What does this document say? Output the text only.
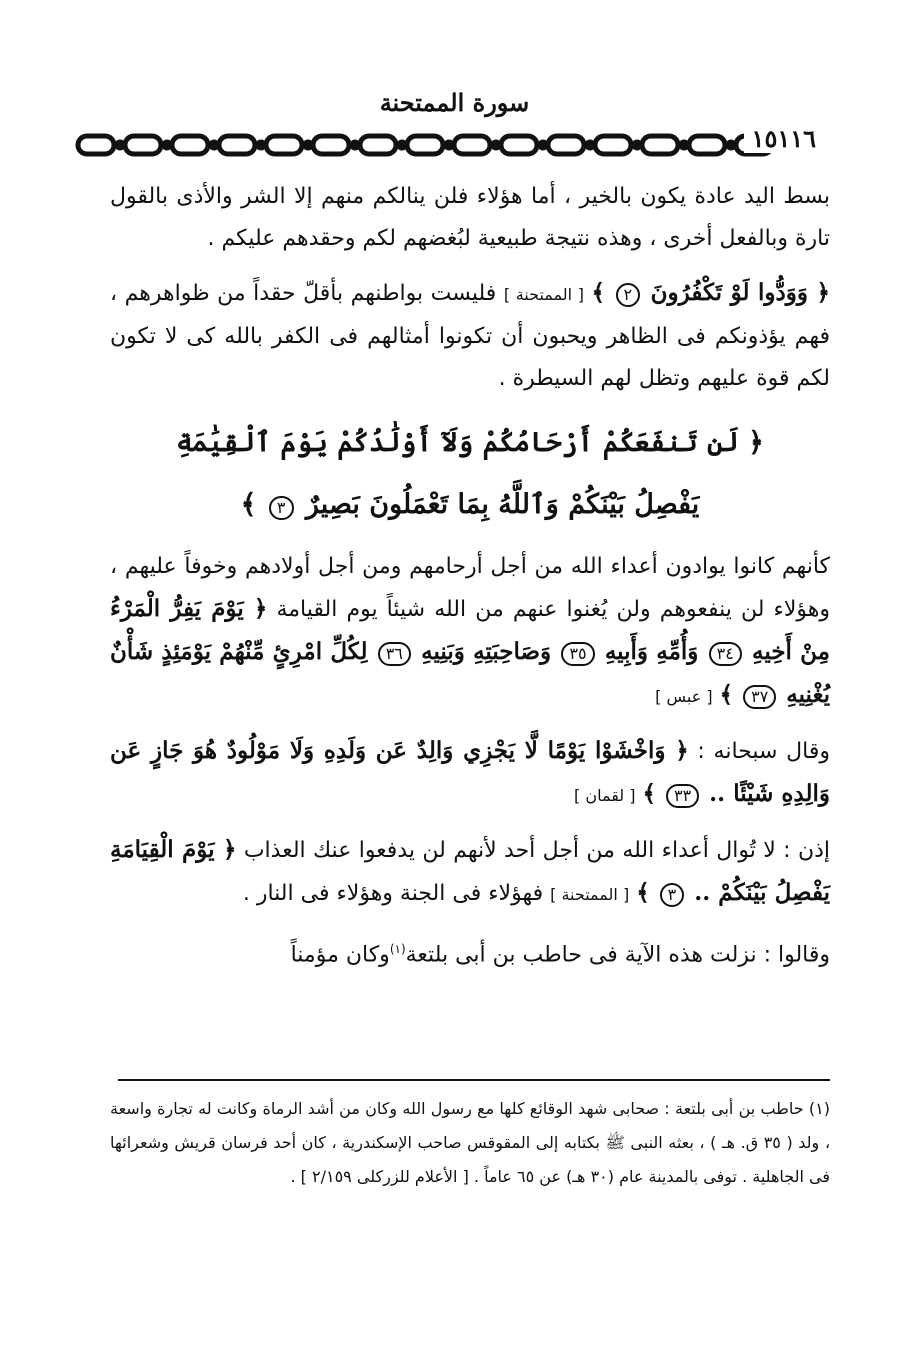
سورة الممتحنة
١٥١١٦

بسط اليد عادة يكون بالخير ، أما هؤلاء فلن ينالكم منهم إلا الشر والأذى بالقول تارة وبالفعل أخرى ، وهذه نتيجة طبيعية لبُغضهم لكم وحقدهم عليكم .

﴿ وَوَدُّوا لَوْ تَكْفُرُونَ ٢ ﴾ [ الممتحنة ] فليست بواطنهم بأقلّ حقداً من ظواهرهم ، فهم يؤذونكم فى الظاهر ويحبون أن تكونوا أمثالهم فى الكفر بالله كى لا تكون لكم قوة عليهم وتظل لهم السيطرة .

﴿ لَن تَنفَعَكُمْ أَرْحَامُكُمْ وَلَآ أَوْلَٰدُكُمْ يَوْمَ ٱلْقِيَٰمَةِ
يَفْصِلُ بَيْنَكُمْ وَٱللَّهُ بِمَا تَعْمَلُونَ بَصِيرٌ ٣ ﴾

كأنهم كانوا يوادون أعداء الله من أجل أرحامهم ومن أجل أولادهم وخوفاً عليهم ، وهؤلاء لن ينفعوهم ولن يُغنوا عنهم من الله شيئاً يوم القيامة ﴿ يَوْمَ يَفِرُّ الْمَرْءُ مِنْ أَخِيهِ ٣٤ وَأُمِّهِ وَأَبِيهِ ٣٥ وَصَاحِبَتِهِ وَبَنِيهِ ٣٦ لِكُلِّ امْرِئٍ مِّنْهُمْ يَوْمَئِذٍ شَأْنٌ يُغْنِيهِ ٣٧ ﴾ [ عبس ]

وقال سبحانه : ﴿ وَاخْشَوْا يَوْمًا لَّا يَجْزِي وَالِدٌ عَن وَلَدِهِ وَلَا مَوْلُودٌ هُوَ جَازٍ عَن وَالِدِهِ شَيْئًا .. ٣٣ ﴾ [ لقمان ]

إذن : لا تُوال أعداء الله من أجل أحد لأنهم لن يدفعوا عنك العذاب ﴿ يَوْمَ الْقِيَامَةِ يَفْصِلُ بَيْنَكُمْ .. ٣ ﴾ [ الممتحنة ] فهؤلاء فى الجنة وهؤلاء فى النار .

وقالوا : نزلت هذه الآية فى حاطب بن أبى بلتعة$^{(١)}$وكان مؤمناً

(١) حاطب بن أبى بلتعة : صحابى شهد الوقائع كلها مع رسول الله وكان من أشد الرماة وكانت له تجارة واسعة ، ولد ( ٣٥ ق. هـ ) ، بعثه النبى ﷺ بكتابه إلى المقوقس صاحب الإسكندرية ، كان أحد فرسان قريش وشعرائها فى الجاهلية . توفى بالمدينة عام (٣٠ هـ) عن ٦٥ عاماً . [ الأعلام للزركلى ٢/١٥٩ ] .
